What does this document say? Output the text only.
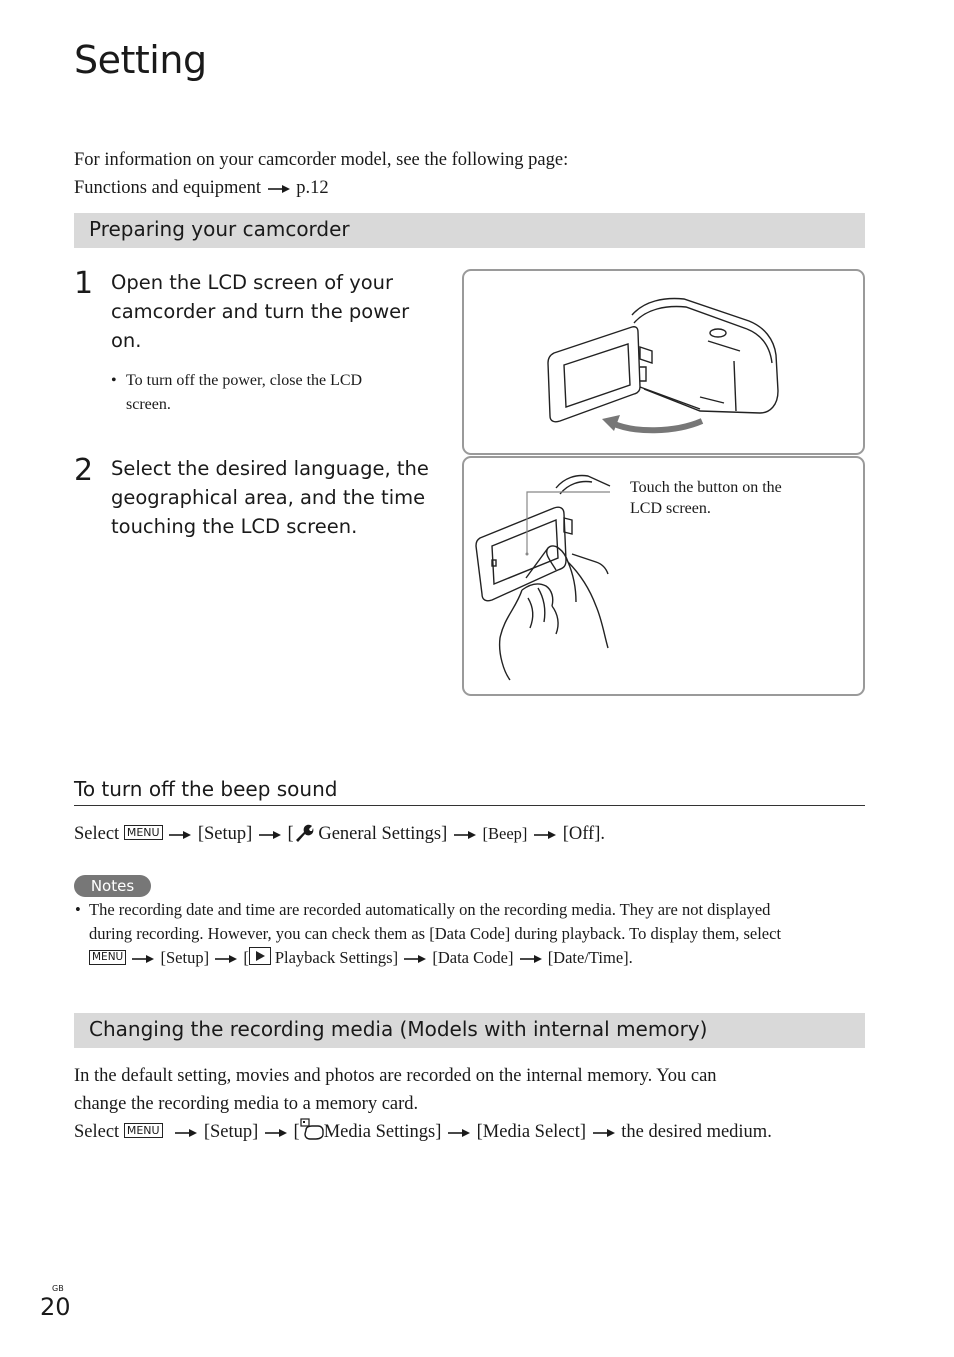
Setting
For information on your camcorder model, see the following page:
Functions and equipment p.12
Preparing your camcorder
1 Open the LCD screen of your
camcorder and turn the power
on.
• To turn off the power, close the LCD
screen.
2 Select the desired language, the
geographical area, and the time
touching the LCD screen.
Touch the button on the
LCD screen.
To turn off the beep sound
Select MENU [Setup] [ General Settings] [Beep] [Off].
Notes
• The recording date and time are recorded automatically on the recording media. They are not displayed
during recording. However, you can check them as [Data Code] during playback. To display them, select
MENU [Setup] [ Playback Settings] [Data Code] [Date/Time].
Changing the recording media (Models with internal memory)
In the default setting, movies and photos are recorded on the internal memory. You can
change the recording media to a memory card.
Select MENU [Setup] [ Media Settings] [Media Select] the desired medium.
GB
20
